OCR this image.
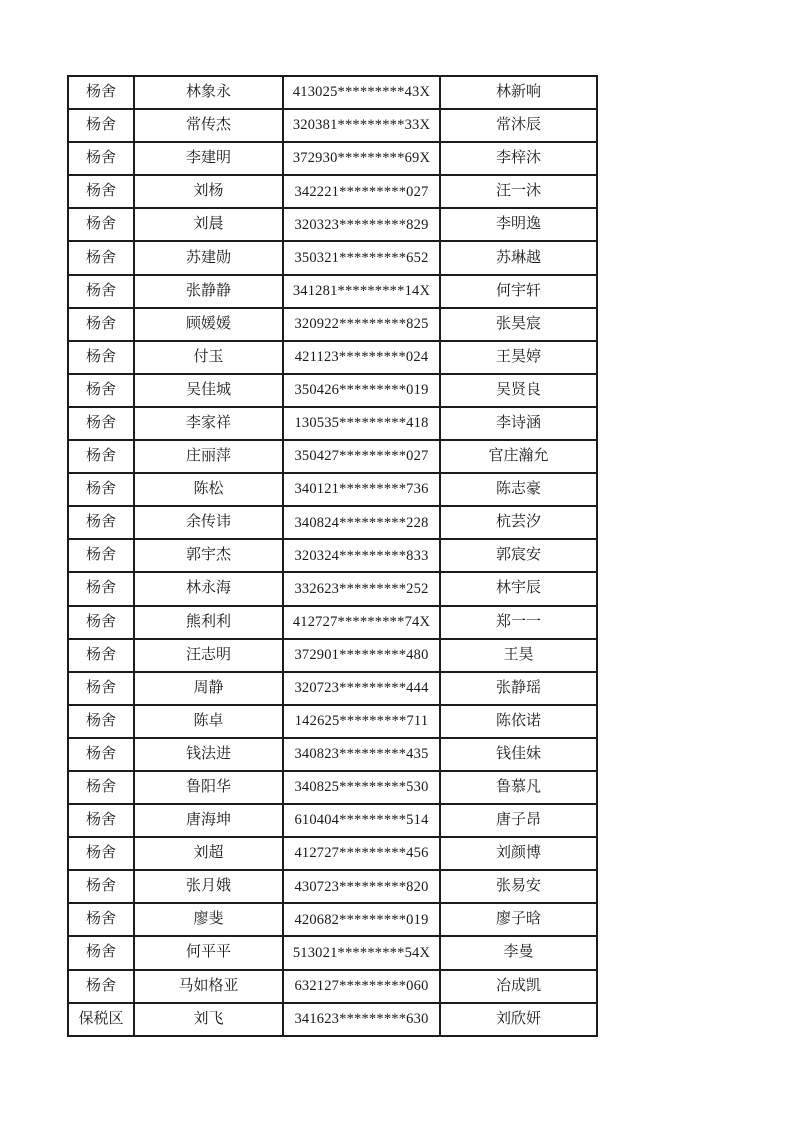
杨舍	林象永	413025*********43X	林新响
杨舍	常传杰	320381*********33X	常沐辰
杨舍	李建明	372930*********69X	李梓沐
杨舍	刘杨	342221*********027	汪一沐
杨舍	刘晨	320323*********829	李明逸
杨舍	苏建勋	350321*********652	苏琳越
杨舍	张静静	341281*********14X	何宇轩
杨舍	顾媛媛	320922*********825	张昊宸
杨舍	付玉	421123*********024	王昊婷
杨舍	吴佳城	350426*********019	吴贤良
杨舍	李家祥	130535*********418	李诗涵
杨舍	庄丽萍	350427*********027	官庄瀚允
杨舍	陈松	340121*********736	陈志豪
杨舍	余传讳	340824*********228	杭芸汐
杨舍	郭宇杰	320324*********833	郭宸安
杨舍	林永海	332623*********252	林宇辰
杨舍	熊利利	412727*********74X	郑一一
杨舍	汪志明	372901*********480	王昊
杨舍	周静	320723*********444	张静瑶
杨舍	陈卓	142625*********711	陈依诺
杨舍	钱法进	340823*********435	钱佳妹
杨舍	鲁阳华	340825*********530	鲁慕凡
杨舍	唐海坤	610404*********514	唐子昂
杨舍	刘超	412727*********456	刘颜博
杨舍	张月娥	430723*********820	张易安
杨舍	廖斐	420682*********019	廖子晗
杨舍	何平平	513021*********54X	李曼
杨舍	马如格亚	632127*********060	冶成凯
保税区	刘飞	341623*********630	刘欣妍
